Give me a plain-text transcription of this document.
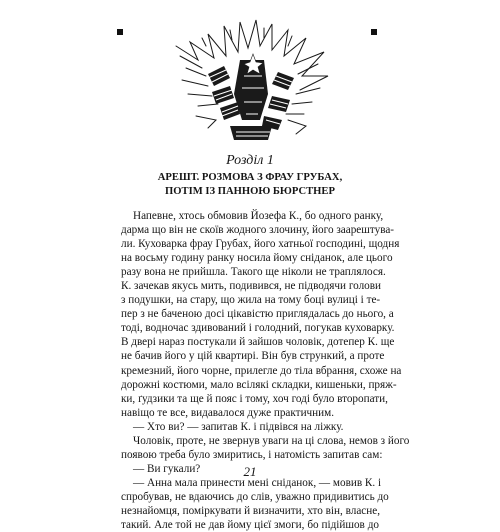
Розділ 1
АРЕШТ. РОЗМОВА З ФРАУ ГРУБАХ,
ПОТІМ ІЗ ПАННОЮ БЮРСТНЕР
Напевне, хтось обмовив Йозефа К., бо одного ранку,
дарма що він не скоїв жодного злочину, його заарештува-
ли. Куховарка фрау Грубах, його хатньої господині, щодня
на восьму годину ранку носила йому сніданок, але цього
разу вона не прийшла. Такого ще ніколи не траплялося.
К. зачекав якусь мить, подивився, не підводячи голови
з подушки, на стару, що жила на тому боці вулиці і те-
пер з не баченою досі цікавістю приглядалась до нього, а
тоді, водночас здивований і голодний, погукав куховарку.
В двері нараз постукали й зайшов чоловік, дотепер К. ще
не бачив його у цій квартирі. Він був стрункий, а проте
кремезний, його чорне, прилегле до тіла вбрання, схоже на
дорожні костюми, мало всілякі складки, кишеньки, пряж-
ки, ґудзики та ще й пояс і тому, хоч годі було второпати,
навіщо те все, видавалося дуже практичним.
— Хто ви? — запитав К. і підвівся на ліжку.
Чоловік, проте, не звернув уваги на ці слова, немов з його
появою треба було змиритись, і натомість запитав сам:
— Ви гукали?
— Анна мала принести мені сніданок, — мовив К. і
спробував, не вдаючись до слів, уважно придивитись до
незнайомця, поміркувати й визначити, хто він, власне,
такий. Але той не дав йому цієї змоги, бо підійшов до
21
